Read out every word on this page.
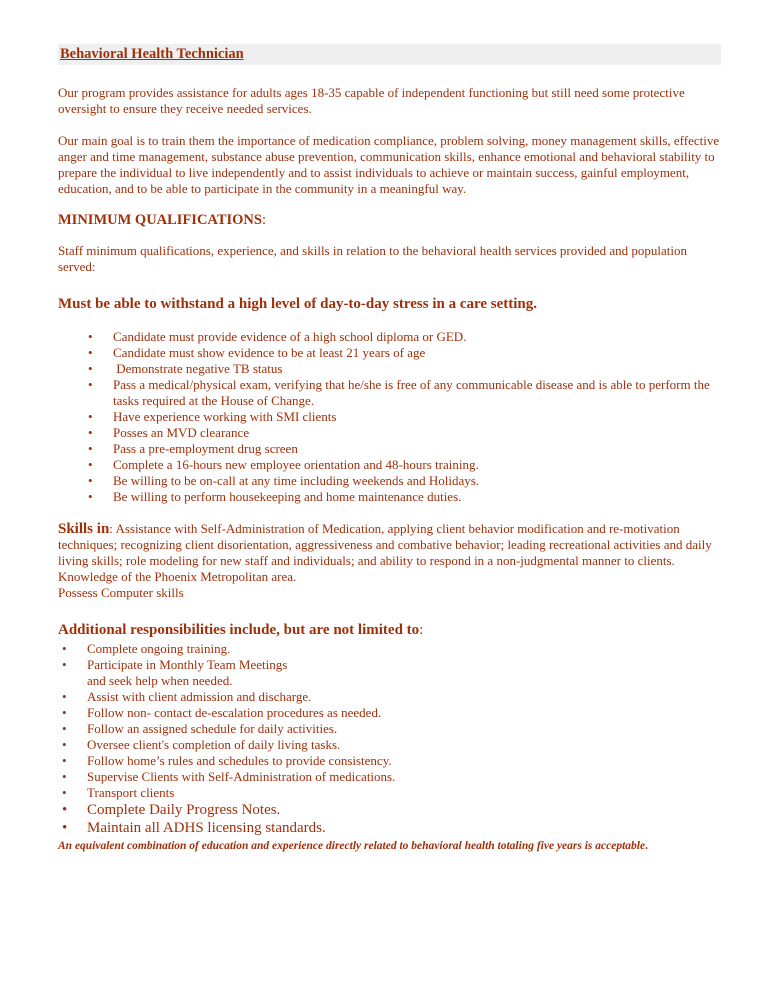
Behavioral Health Technician

Our program provides assistance for adults ages 18-35 capable of independent functioning but still need some protective oversight to ensure they receive needed services.

Our main goal is to train them the importance of medication compliance, problem solving, money management skills, effective anger and time management, substance abuse prevention, communication skills, enhance emotional and behavioral stability to prepare the individual to live independently and to assist individuals to achieve or maintain success, gainful employment, education, and to be able to participate in the community in a meaningful way.

MINIMUM QUALIFICATIONS:

Staff minimum qualifications, experience, and skills in relation to the behavioral health services provided and population served:

Must be able to withstand a high level of day-to-day stress in a care setting.
• Candidate must provide evidence of a high school diploma or GED.
• Candidate must show evidence to be at least 21 years of age
• Demonstrate negative TB status
• Pass a medical/physical exam, verifying that he/she is free of any communicable disease and is able to perform the tasks required at the House of Change.
• Have experience working with SMI clients
• Posses an MVD clearance
• Pass a pre-employment drug screen
• Complete a 16-hours new employee orientation and 48-hours training.
• Be willing to be on-call at any time including weekends and Holidays.
• Be willing to perform housekeeping and home maintenance duties.
Skills in: Assistance with Self-Administration of Medication, applying client behavior modification and re-motivation techniques; recognizing client disorientation, aggressiveness and combative behavior; leading recreational activities and daily living skills; role modeling for new staff and individuals; and ability to respond in a non-judgmental manner to clients.
Knowledge of the Phoenix Metropolitan area.
Possess Computer skills
Additional responsibilities include, but are not limited to:
• Complete ongoing training.
• Participate in Monthly Team Meetings
and seek help when needed.
• Assist with client admission and discharge.
• Follow non- contact de-escalation procedures as needed.
• Follow an assigned schedule for daily activities.
• Oversee client's completion of daily living tasks.
• Follow home’s rules and schedules to provide consistency.
• Supervise Clients with Self-Administration of medications.
• Transport clients
• Complete Daily Progress Notes.
• Maintain all ADHS licensing standards.
An equivalent combination of education and experience directly related to behavioral health totaling five years is acceptable.
